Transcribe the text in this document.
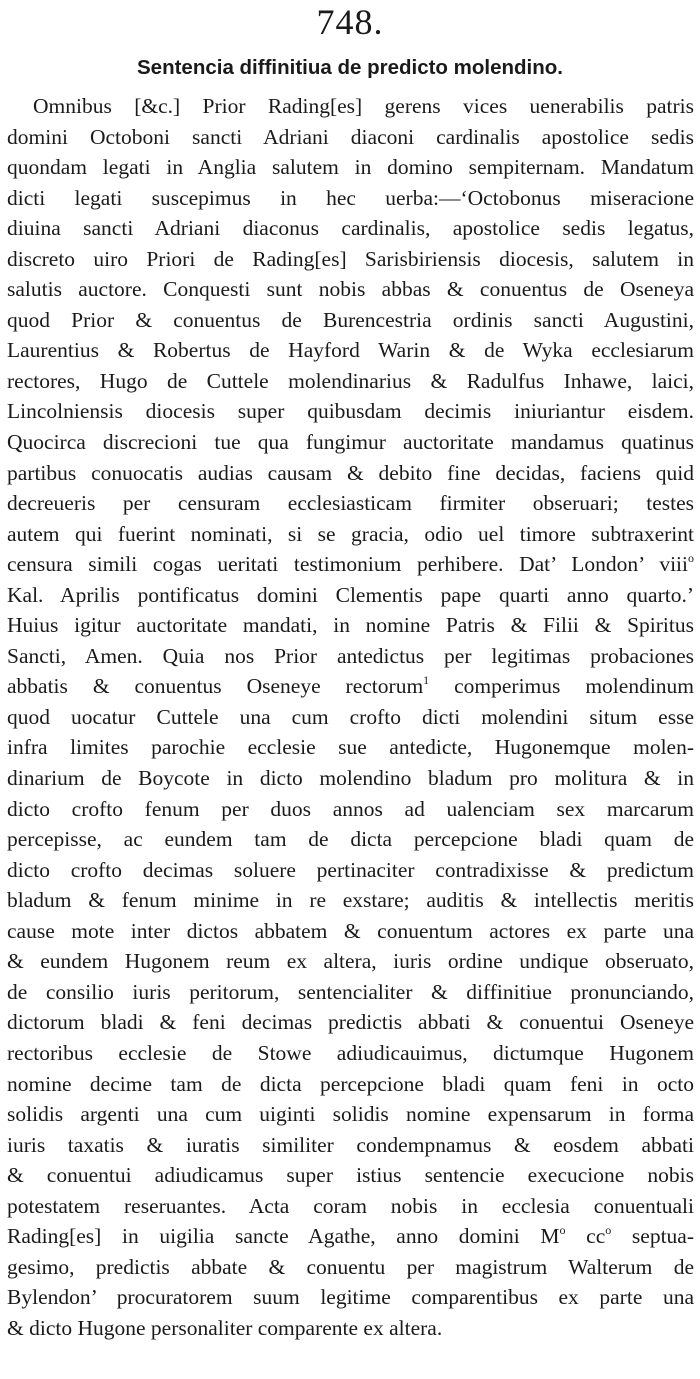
748.
Sentencia diffinitiua de predicto molendino.
Omnibus [&c.] Prior Rading[es] gerens vices uenerabilis patris
domini Octoboni sancti Adriani diaconi cardinalis apostolice sedis
quondam legati in Anglia salutem in domino sempiternam. Mandatum
dicti legati suscepimus in hec uerba:—‘Octobonus miseracione
diuina sancti Adriani diaconus cardinalis, apostolice sedis legatus,
discreto uiro Priori de Rading[es] Sarisbiriensis diocesis, salutem in
salutis auctore. Conquesti sunt nobis abbas & conuentus de Oseneya
quod Prior & conuentus de Burencestria ordinis sancti Augustini,
Laurentius & Robertus de Hayford Warin & de Wyka ecclesiarum
rectores, Hugo de Cuttele molendinarius & Radulfus Inhawe, laici,
Lincolniensis diocesis super quibusdam decimis iniuriantur eisdem.
Quocirca discrecioni tue qua fungimur auctoritate mandamus quatinus
partibus conuocatis audias causam & debito fine decidas, faciens quid
decreueris per censuram ecclesiasticam firmiter obseruari; testes
autem qui fuerint nominati, si se gracia, odio uel timore subtraxerint
censura simili cogas ueritati testimonium perhibere. Dat’ London’ viii$^o$
Kal. Aprilis pontificatus domini Clementis pape quarti anno quarto.’
Huius igitur auctoritate mandati, in nomine Patris & Filii & Spiritus
Sancti, Amen. Quia nos Prior antedictus per legitimas probaciones
abbatis & conuentus Oseneye rectorum$^1$ comperimus molendinum
quod uocatur Cuttele una cum crofto dicti molendini situm esse
infra limites parochie ecclesie sue antedicte, Hugonemque molen-
dinarium de Boycote in dicto molendino bladum pro molitura & in
dicto crofto fenum per duos annos ad ualenciam sex marcarum
percepisse, ac eundem tam de dicta percepcione bladi quam de
dicto crofto decimas soluere pertinaciter contradixisse & predictum
bladum & fenum minime in re exstare; auditis & intellectis meritis
cause mote inter dictos abbatem & conuentum actores ex parte una
& eundem Hugonem reum ex altera, iuris ordine undique obseruato,
de consilio iuris peritorum, sentencialiter & diffinitiue pronunciando,
dictorum bladi & feni decimas predictis abbati & conuentui Oseneye
rectoribus ecclesie de Stowe adiudicauimus, dictumque Hugonem
nomine decime tam de dicta percepcione bladi quam feni in octo
solidis argenti una cum uiginti solidis nomine expensarum in forma
iuris taxatis & iuratis similiter condempnamus & eosdem abbati
& conuentui adiudicamus super istius sentencie execucione nobis
potestatem reseruantes. Acta coram nobis in ecclesia conuentuali
Rading[es] in uigilia sancte Agathe, anno domini $M^o$ $cc^o$ septua-
gesimo, predictis abbate & conuentu per magistrum Walterum de
Bylendon’ procuratorem suum legitime comparentibus ex parte una
& dicto Hugone personaliter comparente ex altera.
